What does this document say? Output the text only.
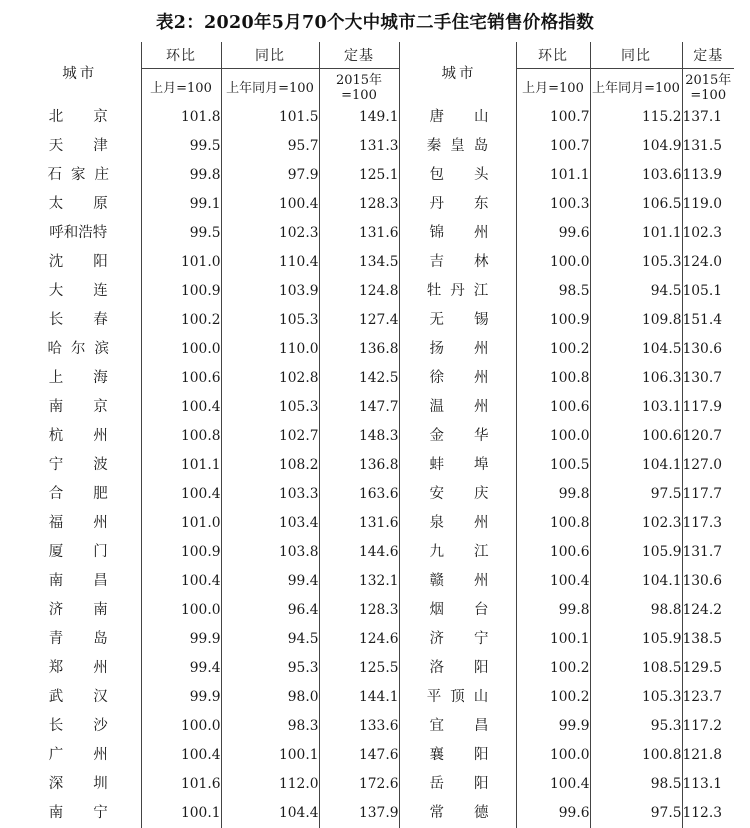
表2：2020年5月70个大中城市二手住宅销售价格指数
城市	环比	同比	定基	城市	环比	同比	定基
	上月=100	上年同月=100	2015年=100		上月=100	上年同月=100	2015年=100
北京	101.8	101.5	149.1	唐山	100.7	115.2	137.1
天津	99.5	95.7	131.3	秦皇岛	100.7	104.9	131.5
石家庄	99.8	97.9	125.1	包头	101.1	103.6	113.9
太原	99.1	100.4	128.3	丹东	100.3	106.5	119.0
呼和浩特	99.5	102.3	131.6	锦州	99.6	101.1	102.3
沈阳	101.0	110.4	134.5	吉林	100.0	105.3	124.0
大连	100.9	103.9	124.8	牡丹江	98.5	94.5	105.1
长春	100.2	105.3	127.4	无锡	100.9	109.8	151.4
哈尔滨	100.0	110.0	136.8	扬州	100.2	104.5	130.6
上海	100.6	102.8	142.5	徐州	100.8	106.3	130.7
南京	100.4	105.3	147.7	温州	100.6	103.1	117.9
杭州	100.8	102.7	148.3	金华	100.0	100.6	120.7
宁波	101.1	108.2	136.8	蚌埠	100.5	104.1	127.0
合肥	100.4	103.3	163.6	安庆	99.8	97.5	117.7
福州	101.0	103.4	131.6	泉州	100.8	102.3	117.3
厦门	100.9	103.8	144.6	九江	100.6	105.9	131.7
南昌	100.4	99.4	132.1	赣州	100.4	104.1	130.6
济南	100.0	96.4	128.3	烟台	99.8	98.8	124.2
青岛	99.9	94.5	124.6	济宁	100.1	105.9	138.5
郑州	99.4	95.3	125.5	洛阳	100.2	108.5	129.5
武汉	99.9	98.0	144.1	平顶山	100.2	105.3	123.7
长沙	100.0	98.3	133.6	宜昌	99.9	95.3	117.2
广州	100.4	100.1	147.6	襄阳	100.0	100.8	121.8
深圳	101.6	112.0	172.6	岳阳	100.4	98.5	113.1
南宁	100.1	104.4	137.9	常德	99.6	97.5	112.3
